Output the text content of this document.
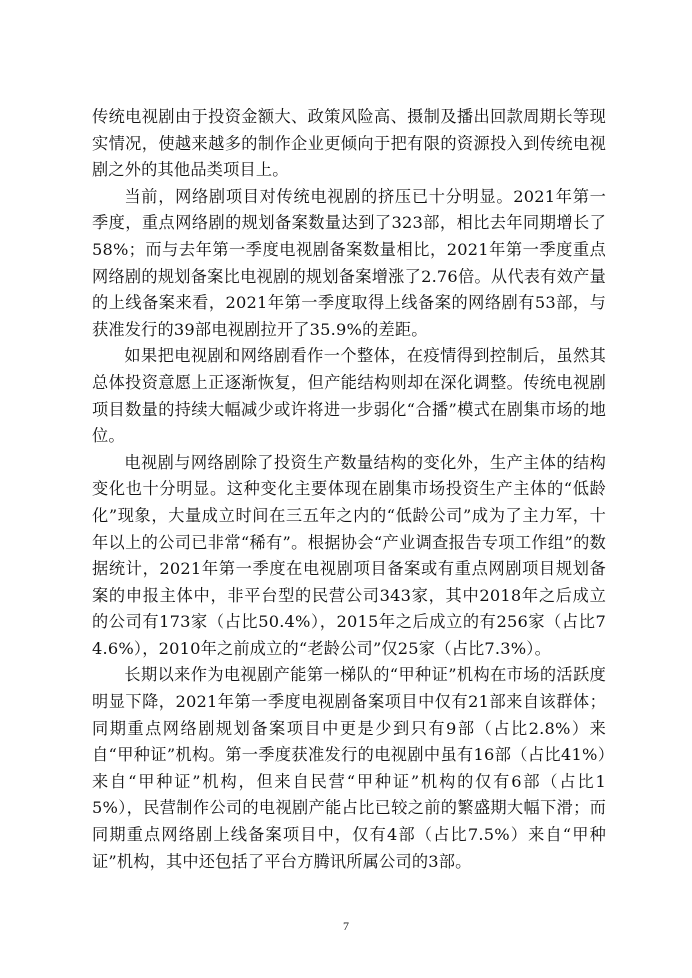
传统电视剧由于投资金额大、政策风险高、摄制及播出回款周期长等现实情况，使越来越多的制作企业更倾向于把有限的资源投入到传统电视剧之外的其他品类项目上。

当前，网络剧项目对传统电视剧的挤压已十分明显。2021年第一季度，重点网络剧的规划备案数量达到了323部，相比去年同期增长了58%；而与去年第一季度电视剧备案数量相比，2021年第一季度重点网络剧的规划备案比电视剧的规划备案增涨了2.76倍。从代表有效产量的上线备案来看，2021年第一季度取得上线备案的网络剧有53部，与获准发行的39部电视剧拉开了35.9%的差距。

如果把电视剧和网络剧看作一个整体，在疫情得到控制后，虽然其总体投资意愿上正逐渐恢复，但产能结构则却在深化调整。传统电视剧项目数量的持续大幅减少或许将进一步弱化“合播”模式在剧集市场的地位。

电视剧与网络剧除了投资生产数量结构的变化外，生产主体的结构变化也十分明显。这种变化主要体现在剧集市场投资生产主体的“低龄化”现象，大量成立时间在三五年之内的“低龄公司”成为了主力军，十年以上的公司已非常“稀有”。根据协会“产业调查报告专项工作组”的数据统计，2021年第一季度在电视剧项目备案或有重点网剧项目规划备案的申报主体中，非平台型的民营公司343家，其中2018年之后成立的公司有173家（占比50.4%），2015年之后成立的有256家（占比74.6%），2010年之前成立的“老龄公司”仅25家（占比7.3%）。

长期以来作为电视剧产能第一梯队的“甲种证”机构在市场的活跃度明显下降，2021年第一季度电视剧备案项目中仅有21部来自该群体；同期重点网络剧规划备案项目中更是少到只有9部（占比2.8%）来自“甲种证”机构。第一季度获准发行的电视剧中虽有16部（占比41%）来自“甲种证”机构，但来自民营“甲种证”机构的仅有6部（占比15%），民营制作公司的电视剧产能占比已较之前的繁盛期大幅下滑；而同期重点网络剧上线备案项目中，仅有4部（占比7.5%）来自“甲种证”机构，其中还包括了平台方腾讯所属公司的3部。

7
